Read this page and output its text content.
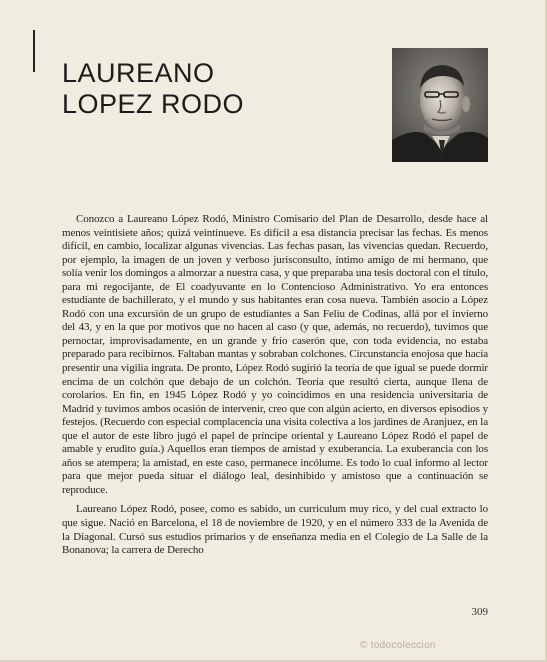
LAUREANO
LOPEZ RODO

Conozco a Laureano López Rodó, Ministro Comisario del Plan de Desarrollo, desde hace al menos veintisiete años; quizá veintinueve. Es difícil a esa distancia precisar las fechas. Es menos difícil, en cambio, localizar algunas vivencias. Las fechas pasan, las vivencias quedan. Recuerdo, por ejemplo, la imagen de un joven y verboso jurisconsulto, íntimo amigo de mi hermano, que solía venir los domingos a almorzar a nuestra casa, y que preparaba una tesis doctoral con el título, para mi regocijante, de El coadyuvante en lo Contencioso Administrativo. Yo era entonces estudiante de bachillerato, y el mundo y sus habitantes eran cosa nueva. También asocio a López Rodó con una excursión de un grupo de estudiantes a San Feliu de Codinas, allá por el invierno del 43, y en la que por motivos que no hacen al caso (y que, además, no recuerdo), tuvimos que pernoctar, improvisadamente, en un grande y frío caserón que, con toda evidencia, no estaba preparado para recibirnos. Faltaban mantas y sobraban colchones. Circunstancia enojosa que hacía presentir una vigilia ingrata. De pronto, López Rodó sugirió la teoría de que igual se puede dormir encima de un colchón que debajo de un colchón. Teoría que resultó cierta, aunque llena de corolarios. En fin, en 1945 López Rodó y yo coincidimos en una residencia universitaria de Madrid y tuvimos ambos ocasión de intervenir, creo que con algún acierto, en diversos episodios y festejos. (Recuerdo con especial complacencia una visita colectiva a los jardines de Aranjuez, en la que el autor de este libro jugó el papel de príncipe oriental y Laureano López Rodó el papel de amable y erudito guía.) Aquellos eran tiempos de amistad y exuberancia. La exuberancia con los años se atempera; la amistad, en este caso, permanece incólume. Es todo lo cual informo al lector para que mejor pueda situar el diálogo leal, desinhibido y amistoso que a continuación se reproduce.

Laureano López Rodó, posee, como es sabido, un curriculum muy rico, y del cual extracto lo que sigue. Nació en Barcelona, el 18 de noviembre de 1920, y en el número 333 de la Avenida de la Diagonal. Cursó sus estudios primarios y de enseñanza media en el Colegio de La Salle de la Bonanova; la carrera de Derecho

309
© todocoleccion
